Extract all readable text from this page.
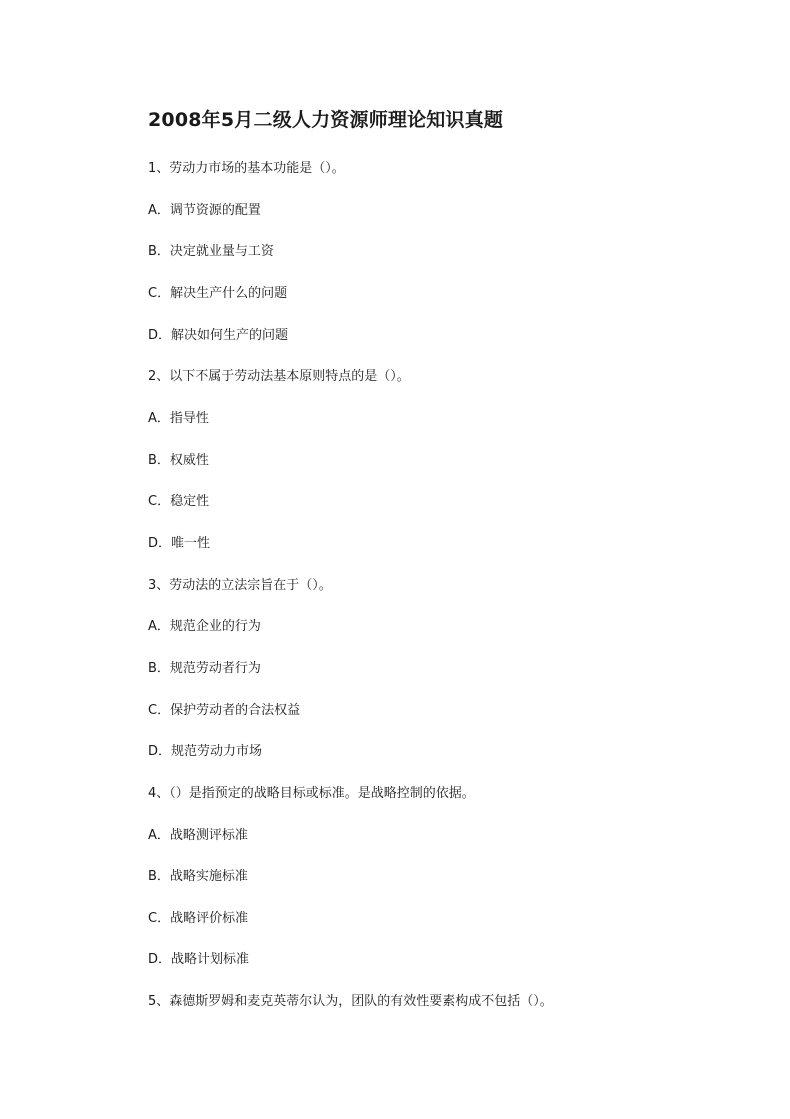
2008年5月二级人力资源师理论知识真题
1、劳动力市场的基本功能是（）。
A．调节资源的配置
B．决定就业量与工资
C．解决生产什么的问题
D．解决如何生产的问题
2、以下不属于劳动法基本原则特点的是（）。
A．指导性
B．权威性
C．稳定性
D．唯一性
3、劳动法的立法宗旨在于（）。
A．规范企业的行为
B．规范劳动者行为
C．保护劳动者的合法权益
D．规范劳动力市场
4、（）是指预定的战略目标或标准。是战略控制的依据。
A．战略测评标准
B．战略实施标准
C．战略评价标准
D．战略计划标准
5、森德斯罗姆和麦克英蒂尔认为，团队的有效性要素构成不包括（）。
